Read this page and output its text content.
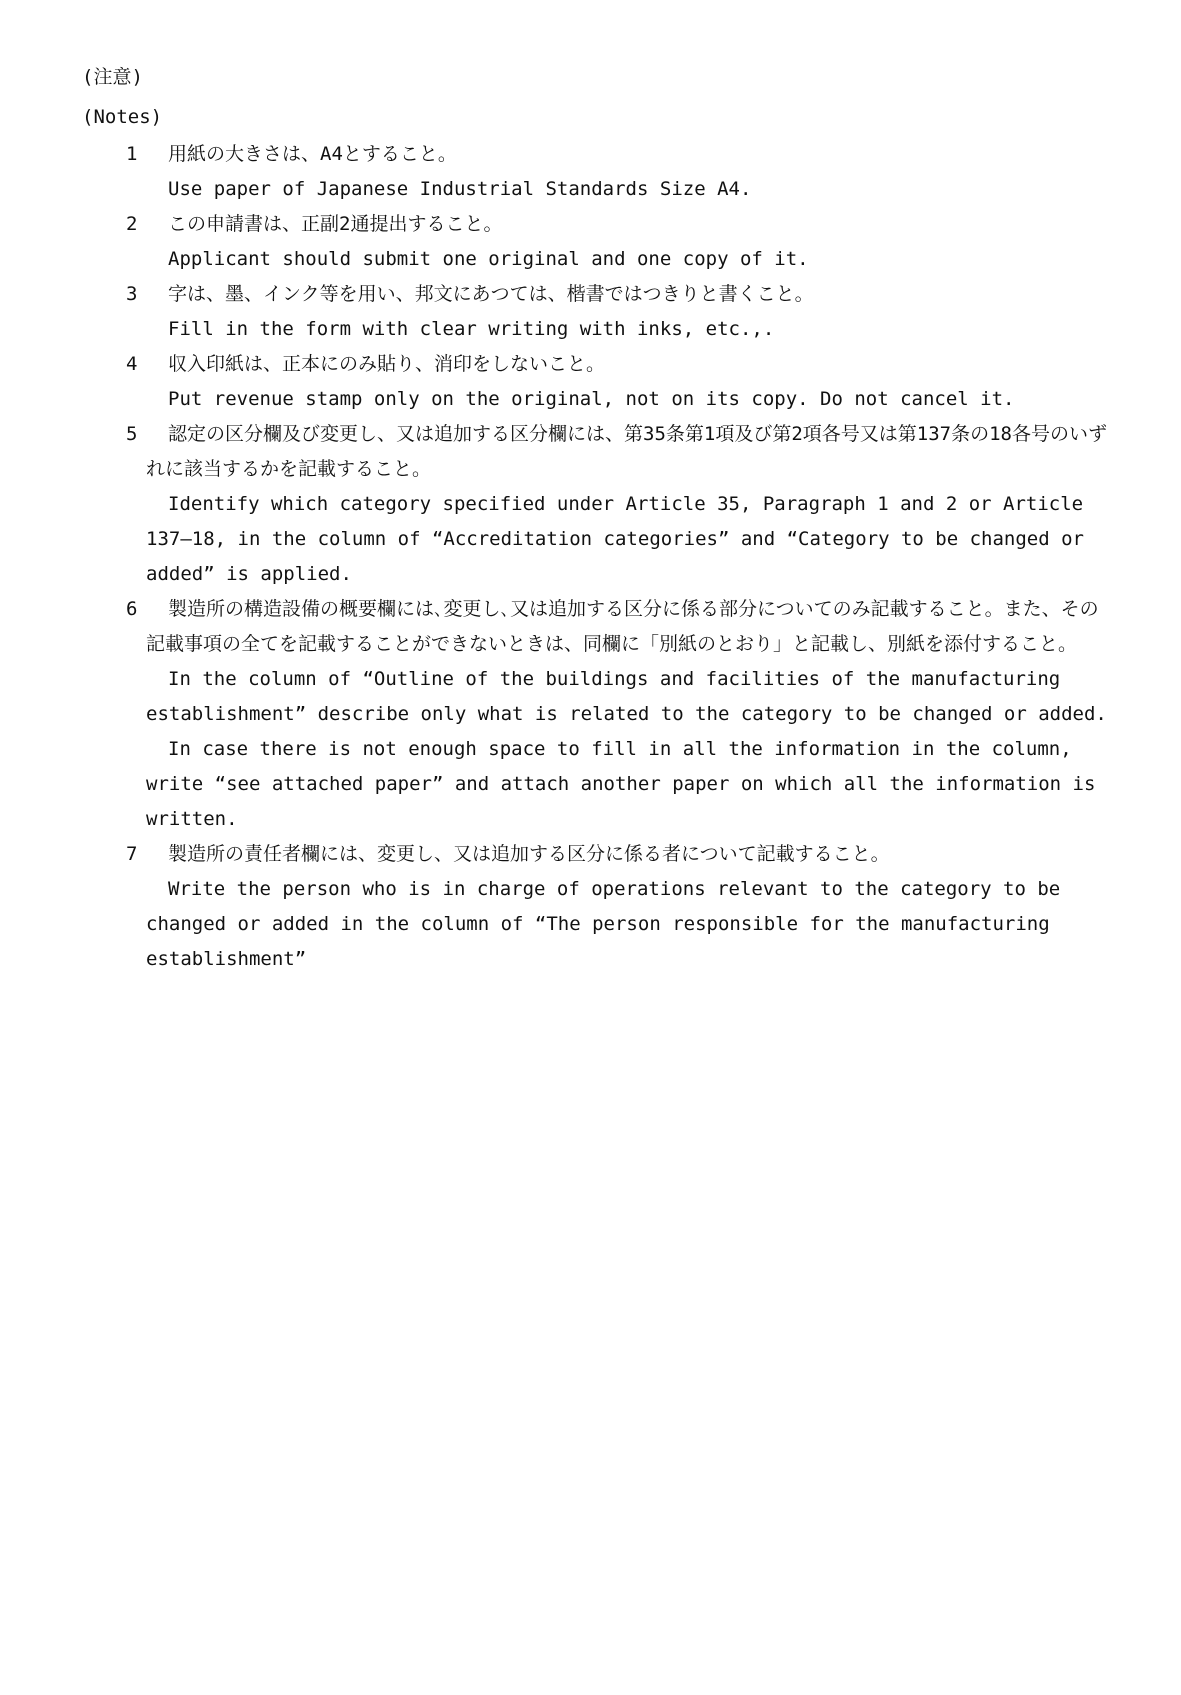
(注意)
(Notes)
1	用紙の大きさは、A4とすること。
Use paper of Japanese Industrial Standards Size A4.
2	この申請書は、正副2通提出すること。
Applicant should submit one original and one copy of it.
3	字は、墨、インク等を用い、邦文にあつては、楷書ではつきりと書くこと。
Fill in the form with clear writing with inks, etc.,.
4	収入印紙は、正本にのみ貼り、消印をしないこと。
Put revenue stamp only on the original, not on its copy. Do not cancel it.
5	認定の区分欄及び変更し、又は追加する区分欄には、第35条第1項及び第2項各号又は第137条の18各号のいずれに該当するかを記載すること。
Identify which category specified under Article 35, Paragraph 1 and 2 or Article 137―18, in the column of “Accreditation categories” and “Category to be changed or added” is applied.
6	製造所の構造設備の概要欄には､変更し､又は追加する区分に係る部分についてのみ記載すること。また、その記載事項の全てを記載することができないときは、同欄に「別紙のとおり」と記載し、別紙を添付すること。
In the column of “Outline of the buildings and facilities of the manufacturing establishment” describe only what is related to the category to be changed or added.
In case there is not enough space to fill in all the information in the column, write “see attached paper” and attach another paper on which all the information is written.
7	製造所の責任者欄には、変更し、又は追加する区分に係る者について記載すること。
Write the person who is in charge of operations relevant to the category to be changed or added in the column of “The person responsible for the manufacturing establishment”
